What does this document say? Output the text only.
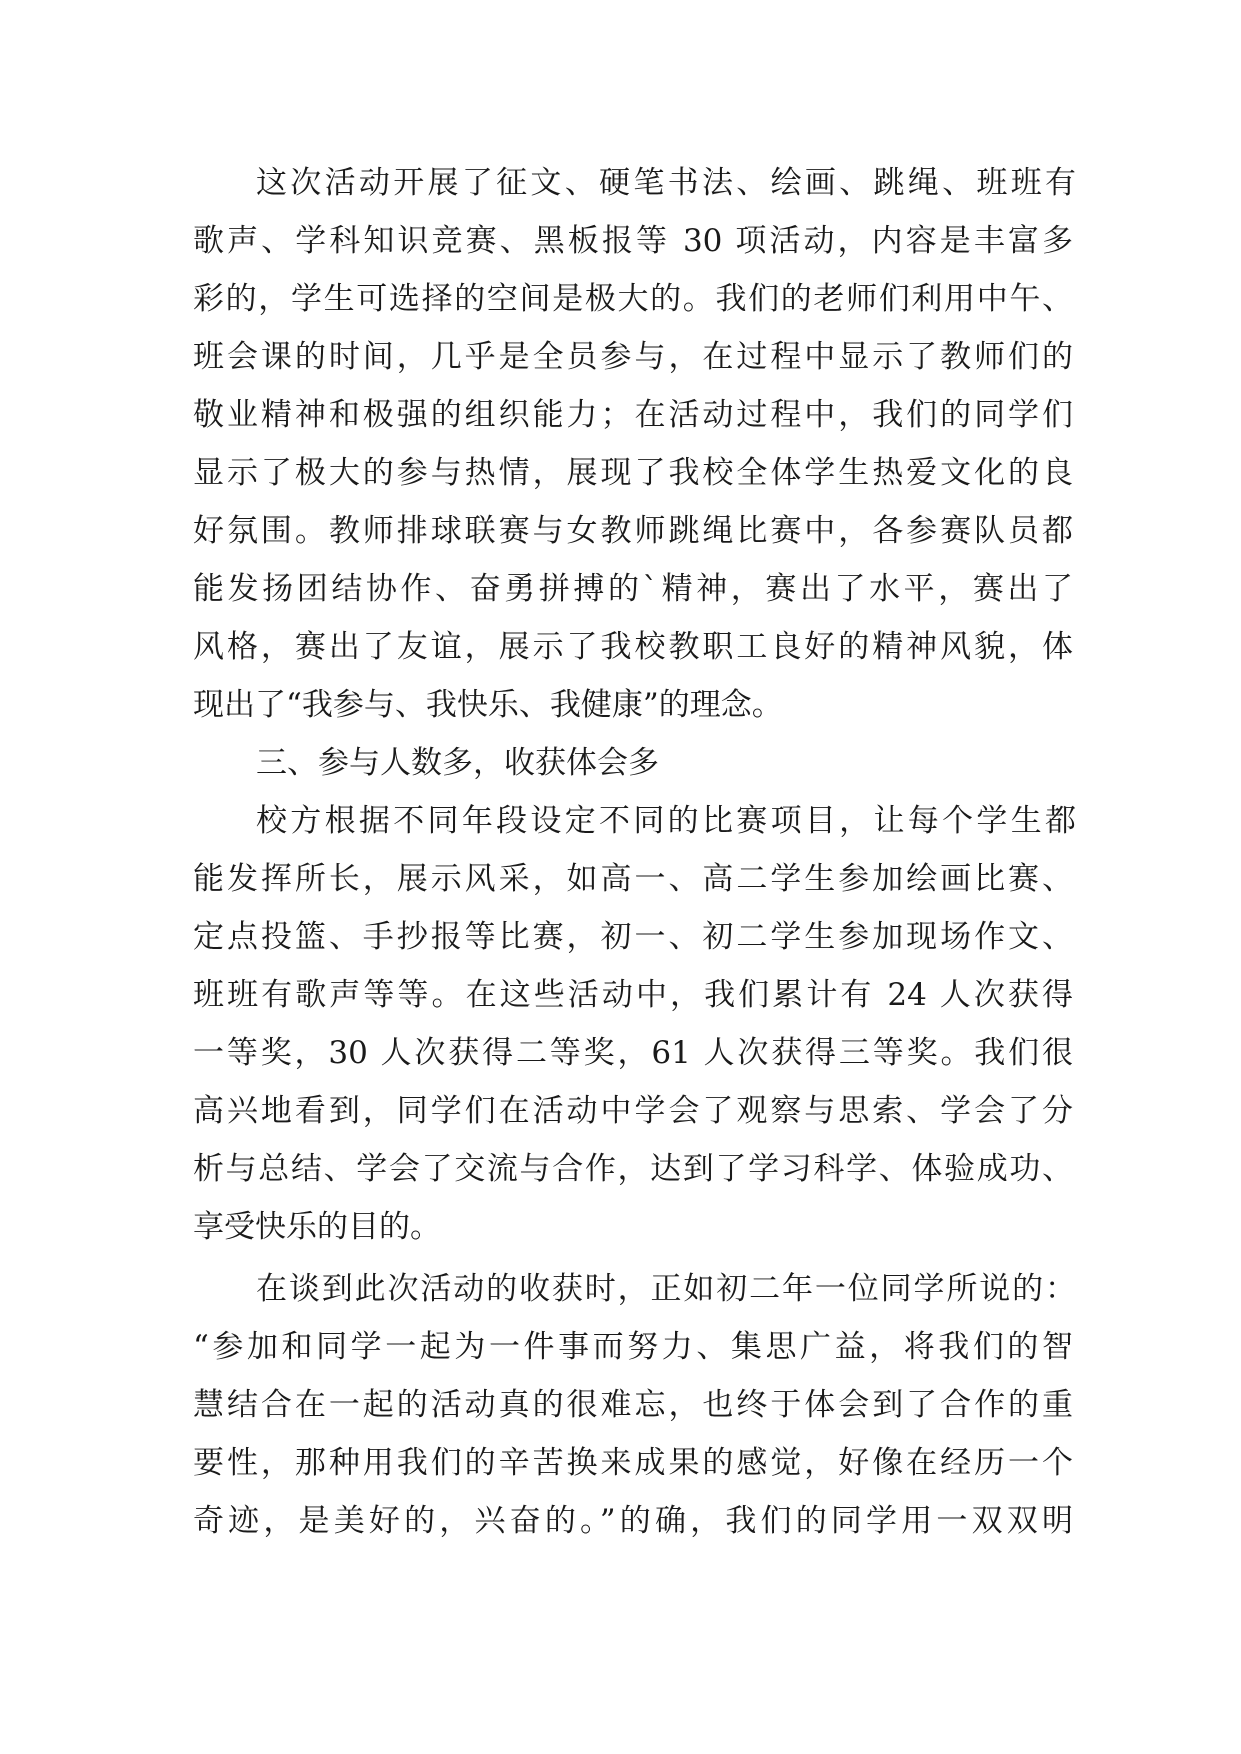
这次活动开展了征文、硬笔书法、绘画、跳绳、班班有
歌声、学科知识竞赛、黑板报等 30 项活动，内容是丰富多
彩的，学生可选择的空间是极大的。我们的老师们利用中午、
班会课的时间，几乎是全员参与，在过程中显示了教师们的
敬业精神和极强的组织能力；在活动过程中，我们的同学们
显示了极大的参与热情，展现了我校全体学生热爱文化的良
好氛围。教师排球联赛与女教师跳绳比赛中，各参赛队员都
能发扬团结协作、奋勇拼搏的`精神，赛出了水平，赛出了
风格，赛出了友谊，展示了我校教职工良好的精神风貌，体
现出了“我参与、我快乐、我健康”的理念。
三、参与人数多，收获体会多
校方根据不同年段设定不同的比赛项目，让每个学生都
能发挥所长，展示风采，如高一、高二学生参加绘画比赛、
定点投篮、手抄报等比赛，初一、初二学生参加现场作文、
班班有歌声等等。在这些活动中，我们累计有 24 人次获得
一等奖，30 人次获得二等奖，61 人次获得三等奖。我们很
高兴地看到，同学们在活动中学会了观察与思索、学会了分
析与总结、学会了交流与合作，达到了学习科学、体验成功、
享受快乐的目的。
在谈到此次活动的收获时，正如初二年一位同学所说的：
“参加和同学一起为一件事而努力、集思广益，将我们的智
慧结合在一起的活动真的很难忘，也终于体会到了合作的重
要性，那种用我们的辛苦换来成果的感觉，好像在经历一个
奇迹，是美好的，兴奋的。”的确，我们的同学用一双双明
